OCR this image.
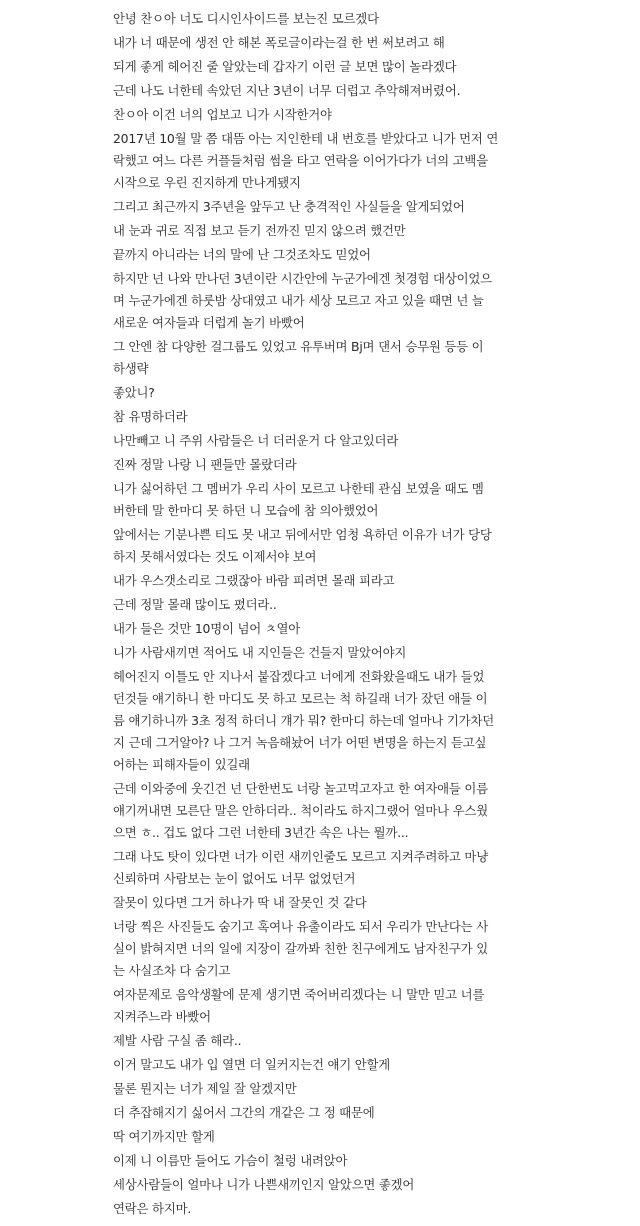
안녕 찬ㅇ아 너도 디시인사이드를 보는진 모르겠다
내가 너 때문에 생전 안 해본 폭로글이라는걸 한 번 써보려고 해
되게 좋게 헤어진 줄 알았는데 갑자기 이런 글 보면 많이 놀라겠다
근데 나도 너한테 속았던 지난 3년이 너무 더럽고 추악해져버렸어.
찬ㅇ아 이건 너의 업보고 니가 시작한거야
2017년 10월 말 쯤 대뜸 아는 지인한테 내 번호를 받았다고 니가 먼저 연
락했고 여느 다른 커플들처럼 썸을 타고 연락을 이어가다가 너의 고백을
시작으로 우린 진지하게 만나게됐지
그리고 최근까지 3주년을 앞두고 난 충격적인 사실들을 알게되었어
내 눈과 귀로 직접 보고 듣기 전까진 믿지 않으려 했건만
끝까지 아니라는 너의 말에 난 그것조차도 믿었어
하지만 넌 나와 만나던 3년이란 시간안에 누군가에겐 첫경험 대상이었으
며 누군가에겐 하룻밤 상대였고 내가 세상 모르고 자고 있을 때면 넌 늘
새로운 여자들과 더럽게 놀기 바빴어
그 안엔 참 다양한 걸그룹도 있었고 유투버며 Bj며 댄서 승무원 등등 이
하생략
좋았니?
참 유명하더라
나만빼고 니 주위 사람들은 너 더러운거 다 알고있더라
진짜 정말 나랑 니 팬들만 몰랐더라
니가 싫어하던 그 멤버가 우리 사이 모르고 나한테 관심 보였을 때도 멤
버한테 말 한마디 못 하던 니 모습에 참 의아했었어
앞에서는 기분나쁜 티도 못 내고 뒤에서만 엄청 욕하던 이유가 너가 당당
하지 못해서였다는 것도 이제서야 보여
내가 우스갯소리로 그랬잖아 바람 피려면 몰래 피라고
근데 정말 몰래 많이도 폈더라..
내가 들은 것만 10명이 넘어 ㅊ열아
니가 사람새끼면 적어도 내 지인들은 건들지 말았어야지
헤어진지 이틀도 안 지나서 붙잡겠다고 너에게 전화왔을때도 내가 들었
던것들 얘기하니 한 마디도 못 하고 모르는 척 하길래 너가 잤던 애들 이
름 얘기하니까 3초 정적 하더니 걔가 뭐? 한마디 하는데 얼마나 기가차던
지 근데 그거알아? 나 그거 녹음해놨어 너가 어떤 변명을 하는지 듣고싶
어하는 피해자들이 있길래
근데 이와중에 웃긴건 넌 단한번도 너랑 놀고먹고자고 한 여자애들 이름
얘기꺼내면 모른단 말은 안하더라.. 척이라도 하지그랬어 얼마나 우스웠
으면 ㅎ.. 겁도 없다 그런 너한테 3년간 속은 나는 뭘까...
그래 나도 탓이 있다면 너가 이런 새끼인줄도 모르고 지켜주려하고 마냥
신뢰하며 사람보는 눈이 없어도 너무 없었던거
잘못이 있다면 그거 하나가 딱 내 잘못인 것 같다
너랑 찍은 사진들도 숨기고 혹여나 유출이라도 되서 우리가 만난다는 사
실이 밝혀지면 너의 일에 지장이 갈까봐 친한 친구에게도 남자친구가 있
는 사실조차 다 숨기고
여자문제로 음악생활에 문제 생기면 죽어버리겠다는 니 말만 믿고 너를
지켜주느라 바빴어
제발 사람 구실 좀 해라..
이거 말고도 내가 입 열면 더 일커지는건 얘기 안할게
물론 뭔지는 너가 제일 잘 알겠지만
더 추잡해지기 싫어서 그간의 개같은 그 정 때문에
딱 여기까지만 할게
이제 니 이름만 들어도 가슴이 철렁 내려앉아
세상사람들이 얼마나 니가 나쁜새끼인지 알았으면 좋겠어
연락은 하지마.
